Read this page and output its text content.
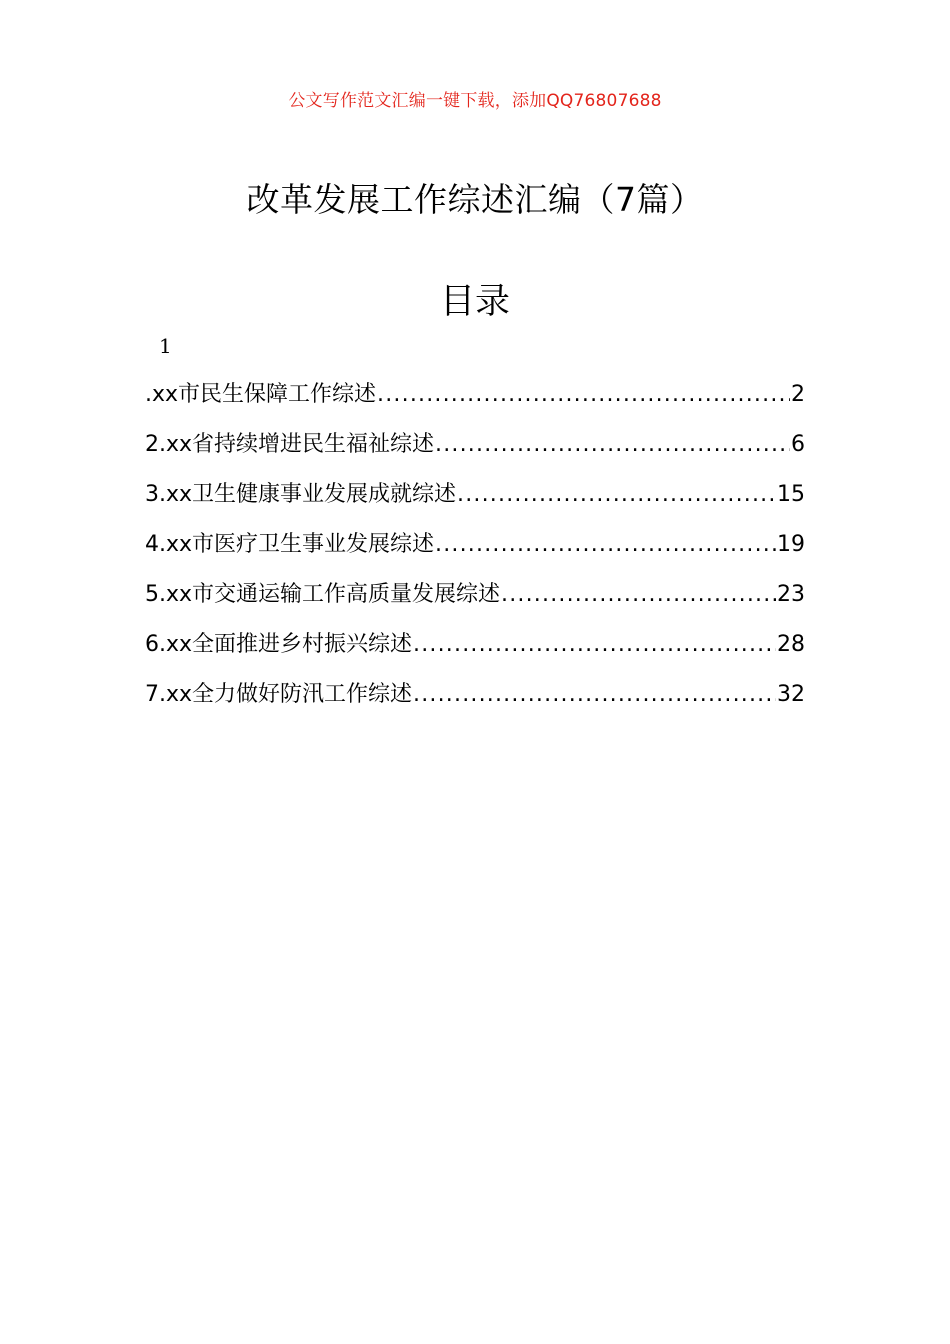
公文写作范文汇编一键下载，添加QQ76807688
改革发展工作综述汇编（7篇）
目录
1
.xx市民生保障工作综述 .....	2
2.xx省持续增进民生福祉综述 .....	6
3.xx卫生健康事业发展成就综述 .....	15
4.xx市医疗卫生事业发展综述 .....	19
5.xx市交通运输工作高质量发展综述 .....	23
6.xx全面推进乡村振兴综述 .....	28
7.xx全力做好防汛工作综述 .....	32
